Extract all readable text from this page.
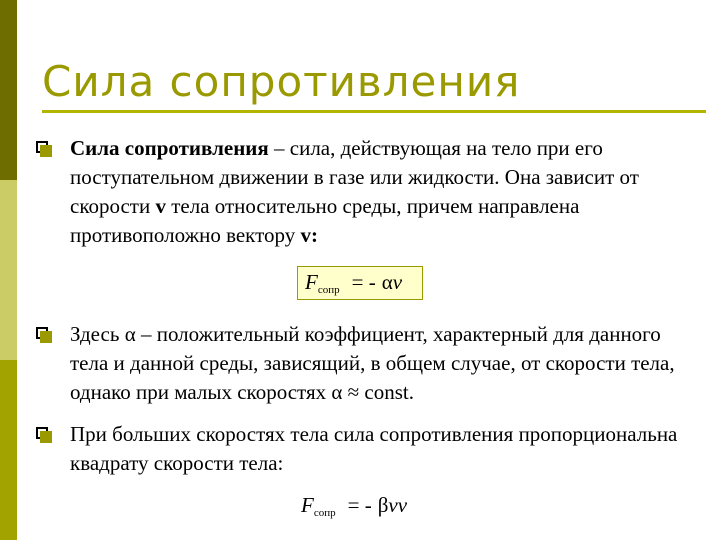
Сила сопротивления
Сила сопротивления – сила, действующая на тело при его поступательном движении в газе или жидкости. Она зависит от скорости v тела относительно среды, причем направлена противоположно вектору v:
$F_{сопр}$ = - αv
Здесь α – положительный коэффициент, характерный для данного тела и данной среды, зависящий, в общем случае, от скорости тела, однако при малых скоростях α ≈ const.
При больших скоростях тела сила сопротивления пропорциональна квадрату скорости тела:
$F_{сопр}$ = - βvv
